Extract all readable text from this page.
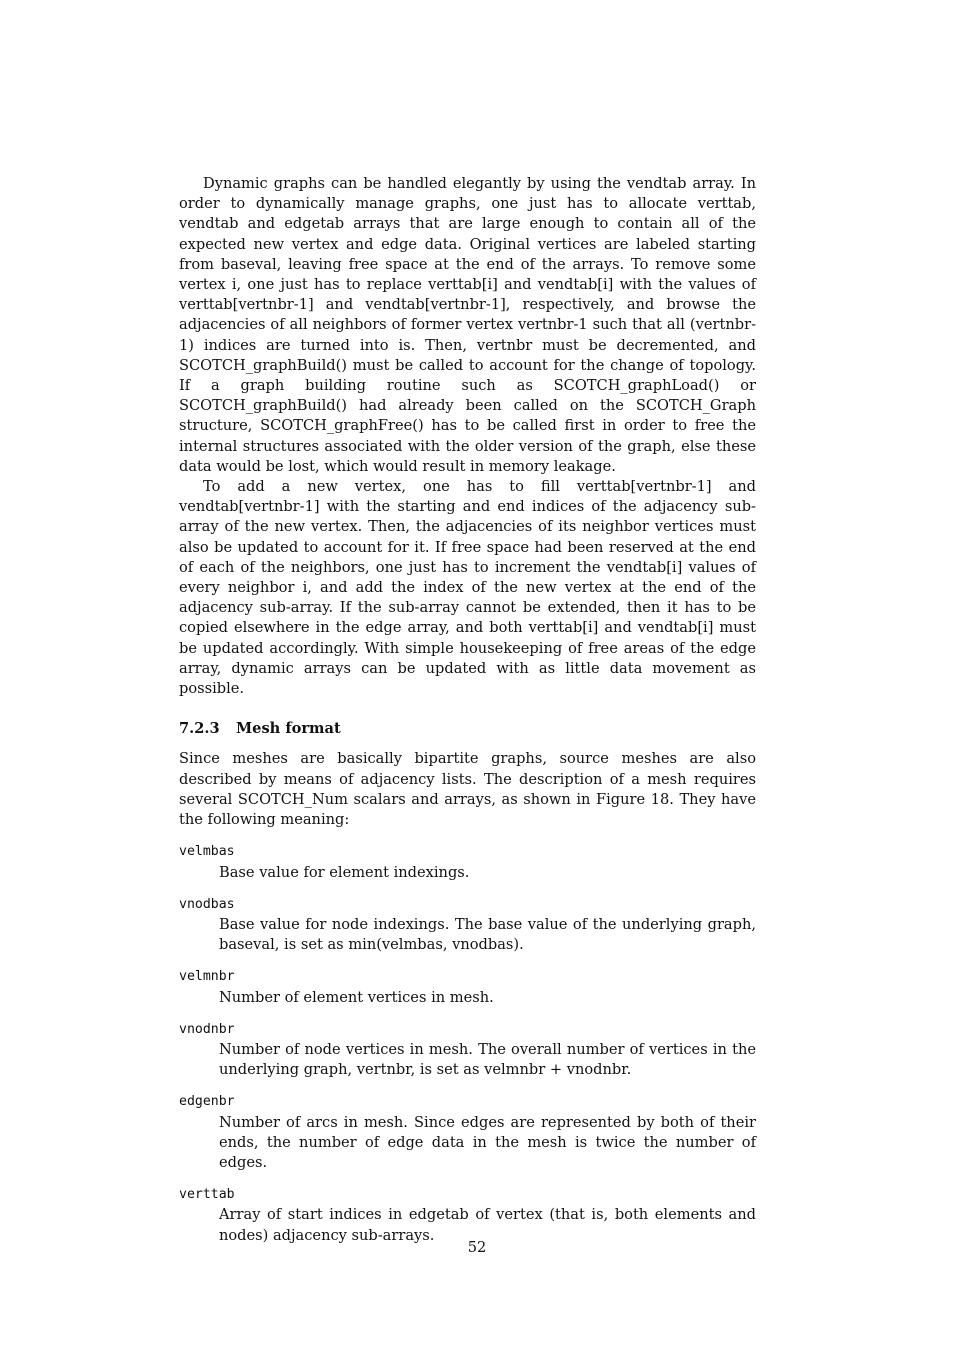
Dynamic graphs can be handled elegantly by using the vendtab array. In order to dynamically manage graphs, one just has to allocate verttab, vendtab and edgetab arrays that are large enough to contain all of the expected new vertex and edge data. Original vertices are labeled starting from baseval, leaving free space at the end of the arrays. To remove some vertex i, one just has to replace verttab[i] and vendtab[i] with the values of verttab[vertnbr-1] and vendtab[vertnbr-1], respectively, and browse the adjacencies of all neighbors of former vertex vertnbr-1 such that all (vertnbr-1) indices are turned into is. Then, vertnbr must be decremented, and SCOTCH_graphBuild() must be called to account for the change of topology. If a graph building routine such as SCOTCH_graphLoad() or SCOTCH_graphBuild() had already been called on the SCOTCH_Graph structure, SCOTCH_graphFree() has to be called first in order to free the internal structures associated with the older version of the graph, else these data would be lost, which would result in memory leakage.

To add a new vertex, one has to fill verttab[vertnbr-1] and vendtab[vertnbr-1] with the starting and end indices of the adjacency sub-array of the new vertex. Then, the adjacencies of its neighbor vertices must also be updated to account for it. If free space had been reserved at the end of each of the neighbors, one just has to increment the vendtab[i] values of every neighbor i, and add the index of the new vertex at the end of the adjacency sub-array. If the sub-array cannot be extended, then it has to be copied elsewhere in the edge array, and both verttab[i] and vendtab[i] must be updated accordingly. With simple housekeeping of free areas of the edge array, dynamic arrays can be updated with as little data movement as possible.

7.2.3 Mesh format

Since meshes are basically bipartite graphs, source meshes are also described by means of adjacency lists. The description of a mesh requires several SCOTCH_Num scalars and arrays, as shown in Figure 18. They have the following meaning:

velmbas
Base value for element indexings.
vnodbas
Base value for node indexings. The base value of the underlying graph, baseval, is set as min(velmbas, vnodbas).
velmnbr
Number of element vertices in mesh.
vnodnbr
Number of node vertices in mesh. The overall number of vertices in the underlying graph, vertnbr, is set as velmnbr + vnodnbr.
edgenbr
Number of arcs in mesh. Since edges are represented by both of their ends, the number of edge data in the mesh is twice the number of edges.
verttab
Array of start indices in edgetab of vertex (that is, both elements and nodes) adjacency sub-arrays.
52
